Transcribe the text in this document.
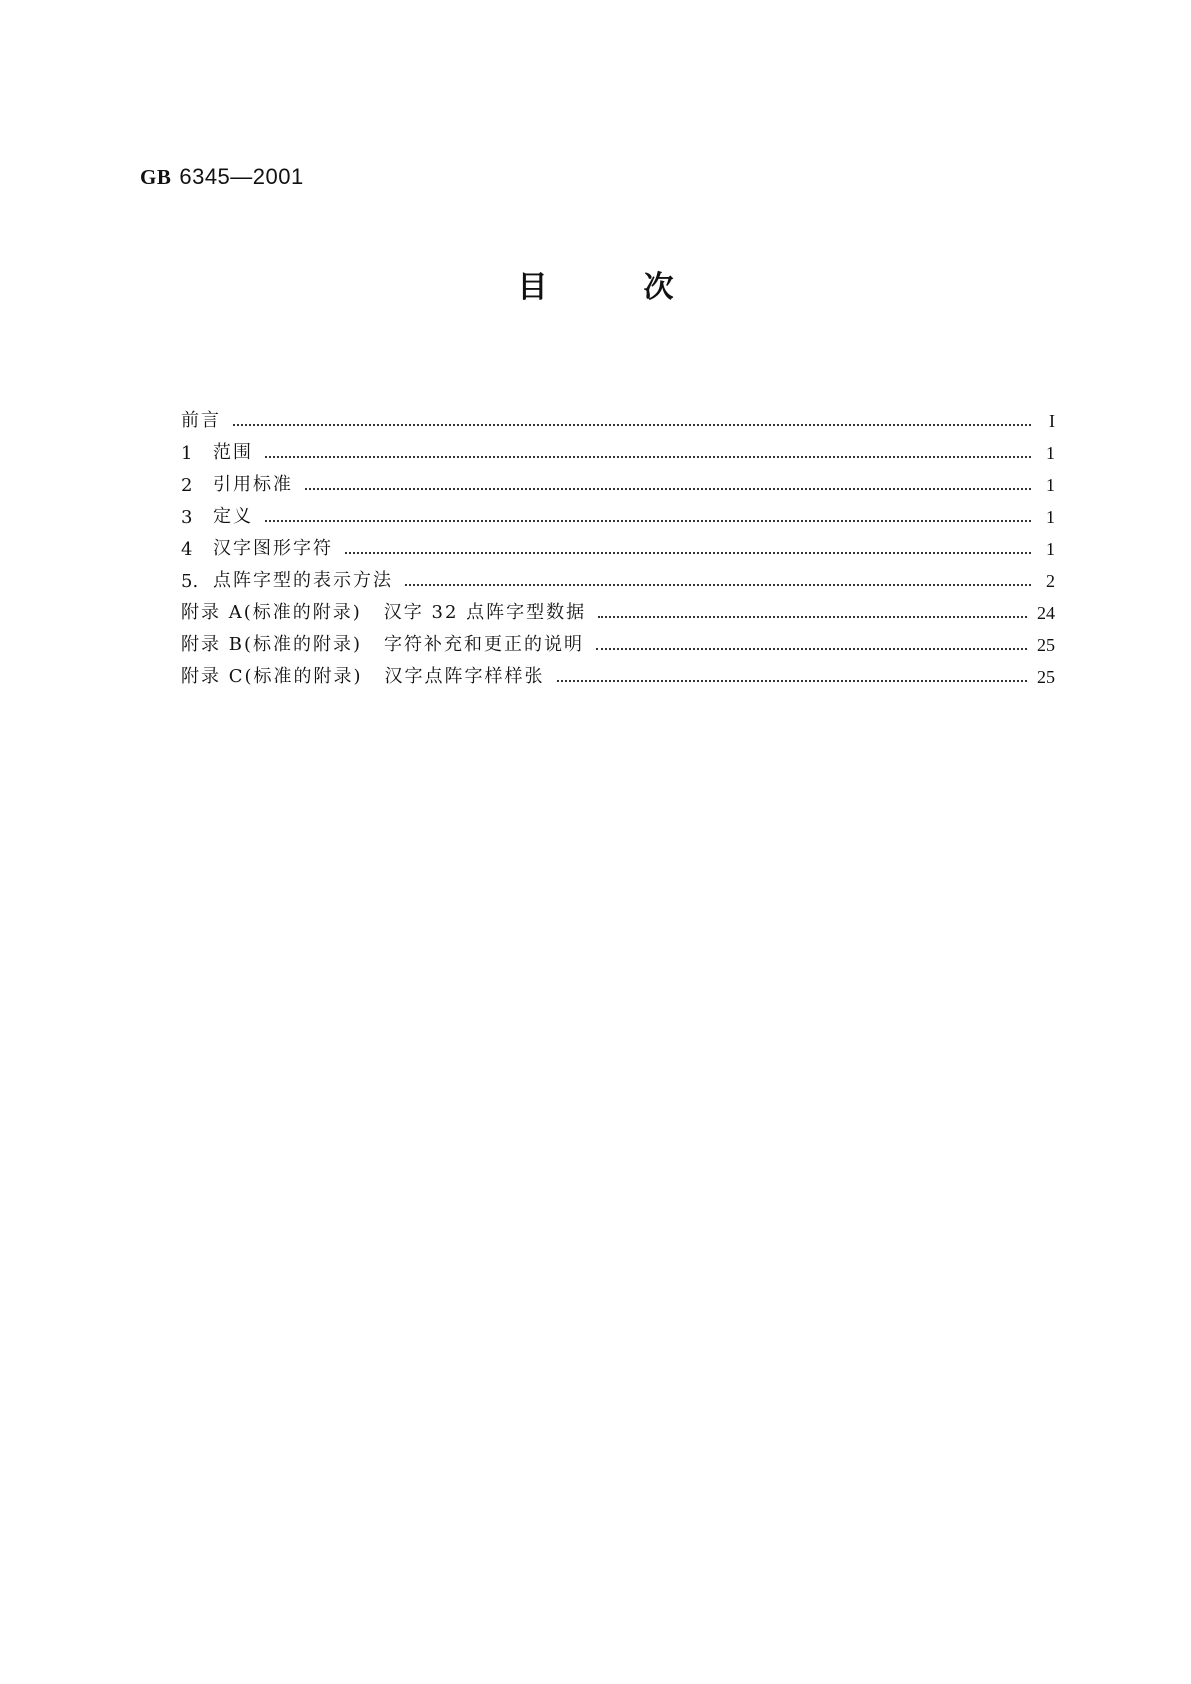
GB 6345—2001
目次
前言	I
1	范围	1
2	引用标准	1
3	定义	1
4	汉字图形字符	1
5. 点阵字型的表示方法	2
附录 A(标准的附录) 汉字 32 点阵字型数据	24
附录 B(标准的附录) 字符补充和更正的说明	25
附录 C(标准的附录) 汉字点阵字样样张	25
